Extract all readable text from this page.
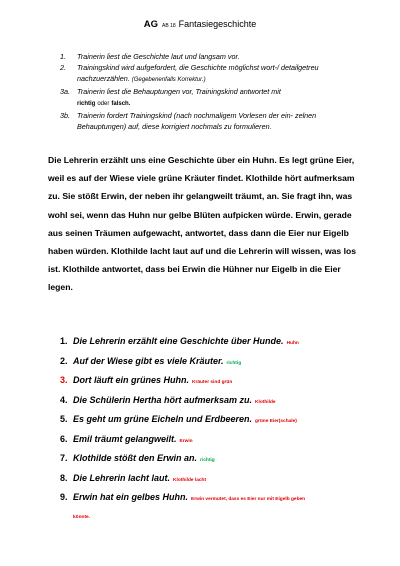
AG AB 18 Fantasiegeschichte
1.	Trainerin liest die Geschichte laut und langsam vor.
2.	Trainingskind wird aufgefordert, die Geschichte möglichst wort-/ detailgetreu nachzuerzählen. (Gegebenenfalls Korrektur.)
3a. Trainerin liest die Behauptungen vor, Trainingskind antwortet mit
richtig oder falsch.
3b. Trainerin fordert Trainingskind (nach nochmaligem Vorlesen der ein- zelnen Behauptungen) auf, diese korrigiert nochmals zu formulieren.
Die Lehrerin erzählt uns eine Geschichte über ein Huhn. Es legt grüne Eier, weil es auf der Wiese viele grüne Kräuter findet. Klothilde hört aufmerksam zu. Sie stößt Erwin, der neben ihr gelangweilt träumt, an. Sie fragt ihn, was wohl sei, wenn das Huhn nur gelbe Blüten aufpicken würde. Erwin, gerade aus seinen Träumen aufgewacht, antwortet, dass dann die Eier nur Eigelb haben würden. Klothilde lacht laut auf und die Lehrerin will wissen, was los ist. Klothilde antwortet, dass bei Erwin die Hühner nur Eigelb in die Eier legen.
1. Die Lehrerin erzählt eine Geschichte über Hunde. Huhn
2. Auf der Wiese gibt es viele Kräuter. richtig
3. Dort läuft ein grünes Huhn. Kräuter sind grün
4. Die Schülerin Hertha hört aufmerksam zu. Klothilde
5. Es geht um grüne Eicheln und Erdbeeren. grüne Eier(schale)
6. Emil träumt gelangweilt. Erwin
7. Klothilde stößt den Erwin an. richtig
8. Die Lehrerin lacht laut. Klothilde lacht
9. Erwin hat ein gelbes Huhn. Erwin vermutet, dass es Eier nur mit Eigelb geben
könnte.
